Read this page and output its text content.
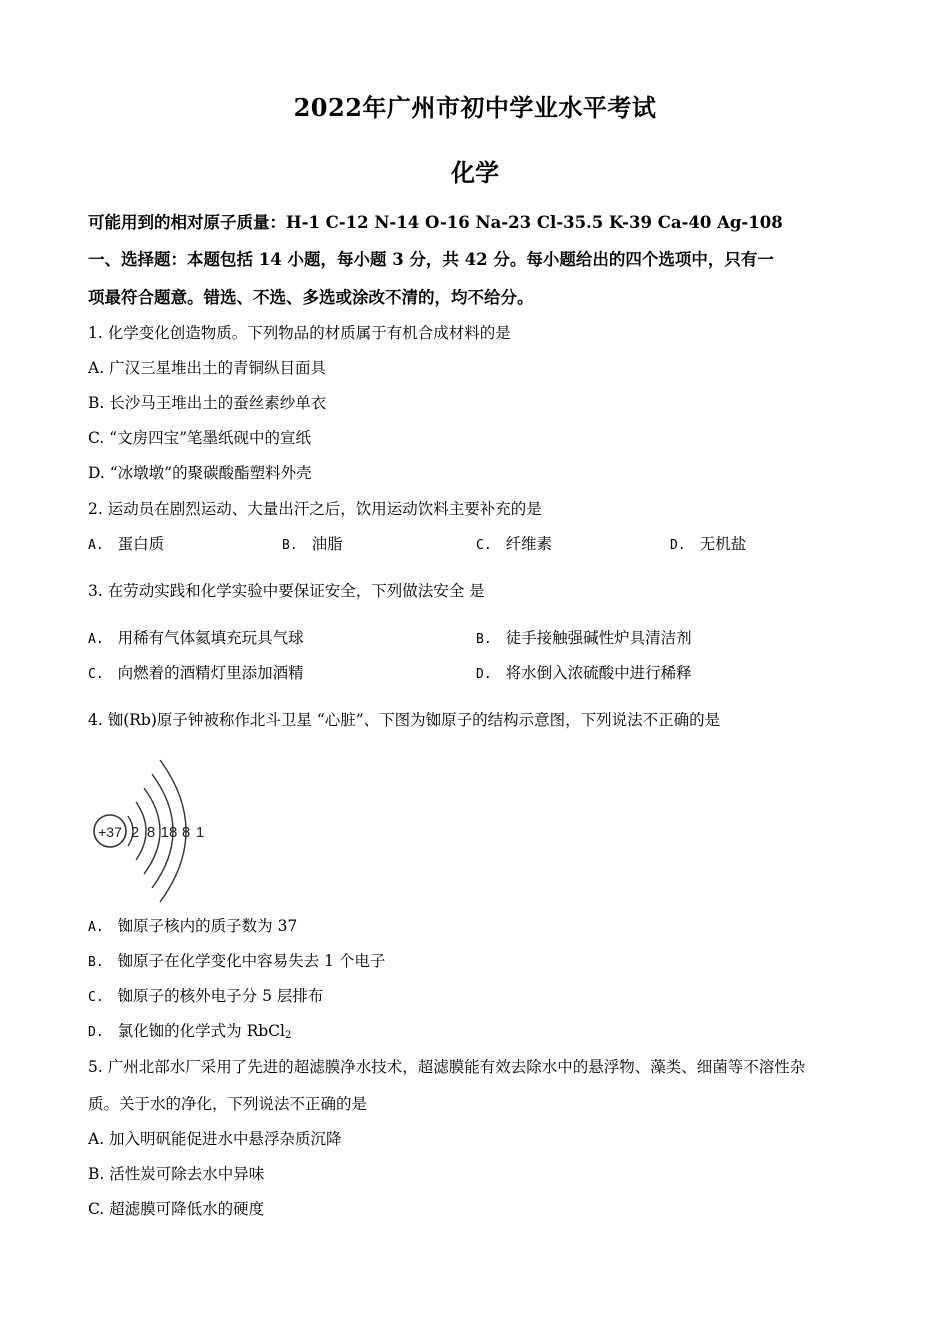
2022年广州市初中学业水平考试
化学
可能用到的相对原子质量：H-1 C-12 N-14 O-16 Na-23 Cl-35.5 K-39 Ca-40 Ag-108
一、选择题：本题包括 14 小题，每小题 3 分，共 42 分。每小题给出的四个选项中，只有一
项最符合题意。错选、不选、多选或涂改不清的，均不给分。
1. 化学变化创造物质。下列物品的材质属于有机合成材料的是
A. 广汉三星堆出土的青铜纵目面具
B. 长沙马王堆出土的蚕丝素纱单衣
C. “文房四宝”笔墨纸砚中的宣纸
D. “冰墩墩”的聚碳酸酯塑料外壳
2. 运动员在剧烈运动、大量出汗之后，饮用运动饮料主要补充的是
A. 蛋白质	B. 油脂	C. 纤维素	D. 无机盐
3. 在劳动实践和化学实验中要保证安全，下列做法安全 是
A. 用稀有气体氦填充玩具气球	B. 徒手接触强碱性炉具清洁剂
C. 向燃着的酒精灯里添加酒精	D. 将水倒入浓硫酸中进行稀释
4. 铷(Rb)原子钟被称作北斗卫星 “心脏”、下图为铷原子的结构示意图，下列说法不正确的是
+37 2 8 18 8 1
A. 铷原子核内的质子数为 37
B. 铷原子在化学变化中容易失去 1 个电子
C. 铷原子的核外电子分 5 层排布
D. 氯化铷的化学式为 RbCl$_2$
5. 广州北部水厂采用了先进的超滤膜净水技术，超滤膜能有效去除水中的悬浮物、藻类、细菌等不溶性杂
质。关于水的净化，下列说法不正确的是
A. 加入明矾能促进水中悬浮杂质沉降
B. 活性炭可除去水中异味
C. 超滤膜可降低水的硬度
